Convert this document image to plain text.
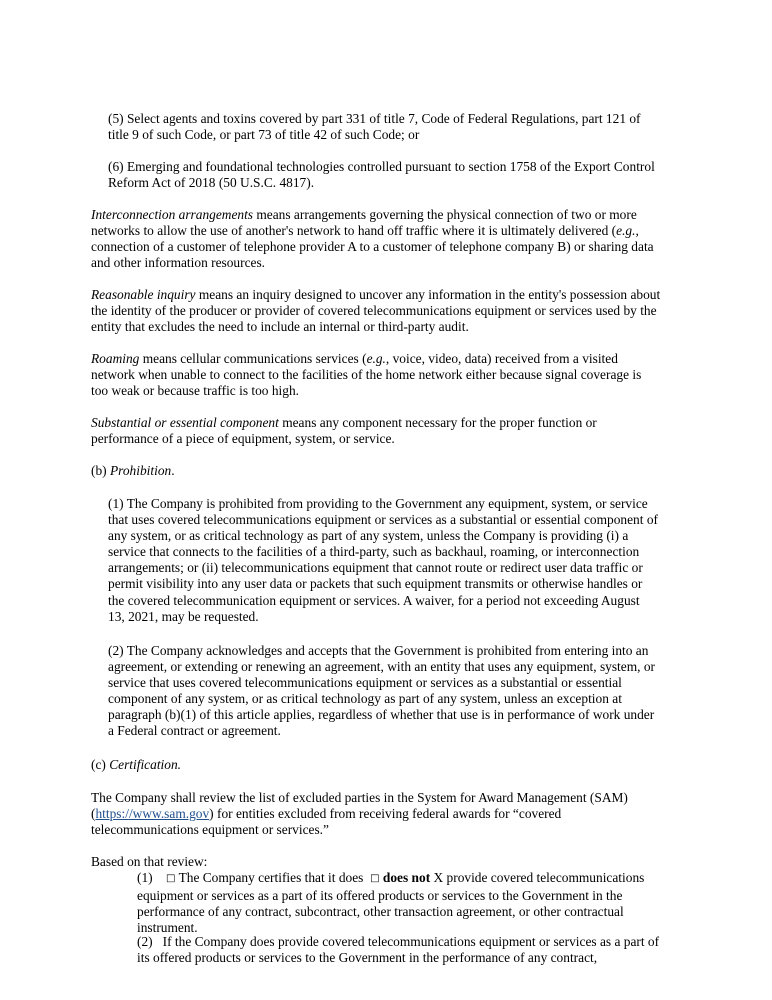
(5) Select agents and toxins covered by part 331 of title 7, Code of Federal Regulations, part 121 of
title 9 of such Code, or part 73 of title 42 of such Code; or
(6) Emerging and foundational technologies controlled pursuant to section 1758 of the Export Control
Reform Act of 2018 (50 U.S.C. 4817).
Interconnection arrangements means arrangements governing the physical connection of two or more
networks to allow the use of another's network to hand off traffic where it is ultimately delivered (e.g.,
connection of a customer of telephone provider A to a customer of telephone company B) or sharing data
and other information resources.
Reasonable inquiry means an inquiry designed to uncover any information in the entity's possession about
the identity of the producer or provider of covered telecommunications equipment or services used by the
entity that excludes the need to include an internal or third-party audit.
Roaming means cellular communications services (e.g., voice, video, data) received from a visited
network when unable to connect to the facilities of the home network either because signal coverage is
too weak or because traffic is too high.
Substantial or essential component means any component necessary for the proper function or
performance of a piece of equipment, system, or service.
(b) Prohibition.
(1) The Company is prohibited from providing to the Government any equipment, system, or service
that uses covered telecommunications equipment or services as a substantial or essential component of
any system, or as critical technology as part of any system, unless the Company is providing (i) a
service that connects to the facilities of a third-party, such as backhaul, roaming, or interconnection
arrangements; or (ii) telecommunications equipment that cannot route or redirect user data traffic or
permit visibility into any user data or packets that such equipment transmits or otherwise handles or
the covered telecommunication equipment or services. A waiver, for a period not exceeding August
13, 2021, may be requested.
(2) The Company acknowledges and accepts that the Government is prohibited from entering into an
agreement, or extending or renewing an agreement, with an entity that uses any equipment, system, or
service that uses covered telecommunications equipment or services as a substantial or essential
component of any system, or as critical technology as part of any system, unless an exception at
paragraph (b)(1) of this article applies, regardless of whether that use is in performance of work under
a Federal contract or agreement.
(c) Certification.
The Company shall review the list of excluded parties in the System for Award Management (SAM)
(https://www.sam.gov) for entities excluded from receiving federal awards for “covered
telecommunications equipment or services.”
Based on that review:
(1) □ The Company certifies that it does  □ does not X provide covered telecommunications
equipment or services as a part of its offered products or services to the Government in the
performance of any contract, subcontract, other transaction agreement, or other contractual
instrument.
(2)   If the Company does provide covered telecommunications equipment or services as a part of
its offered products or services to the Government in the performance of any contract,
